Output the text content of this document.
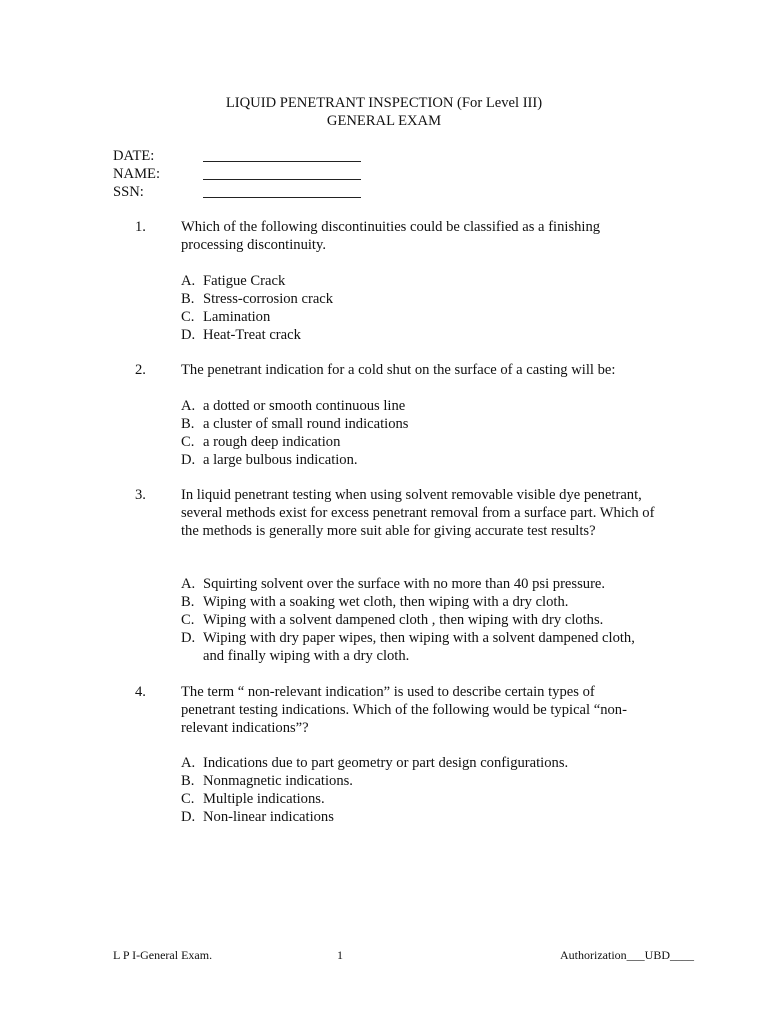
LIQUID PENETRANT INSPECTION (For Level III)
GENERAL EXAM
DATE:
NAME:
SSN:
1. Which of the following discontinuities could be classified as a finishing processing discontinuity.
A. Fatigue Crack
B. Stress-corrosion crack
C. Lamination
D. Heat-Treat crack
2. The penetrant indication for a cold shut on the surface of a casting will be:
A. a dotted or smooth continuous line
B. a cluster of small round indications
C. a rough deep indication
D. a large bulbous indication.
3. In liquid penetrant testing when using solvent removable visible dye penetrant, several methods exist for excess penetrant removal from a surface part. Which of the methods is generally more suit able for giving accurate test results?
A. Squirting solvent over the surface with no more than 40 psi pressure.
B. Wiping with a soaking wet cloth, then wiping with a dry cloth.
C. Wiping with a solvent dampened cloth , then wiping with dry cloths.
D. Wiping with dry paper wipes, then wiping with a solvent dampened cloth, and finally wiping with a dry cloth.
4. The term “ non-relevant indication” is used to describe certain types of penetrant testing indications. Which of the following would be typical “non-relevant indications”?
A. Indications due to part geometry or part design configurations.
B. Nonmagnetic indications.
C. Multiple indications.
D. Non-linear indications
L P I-General Exam.	1	Authorization___UBD____
